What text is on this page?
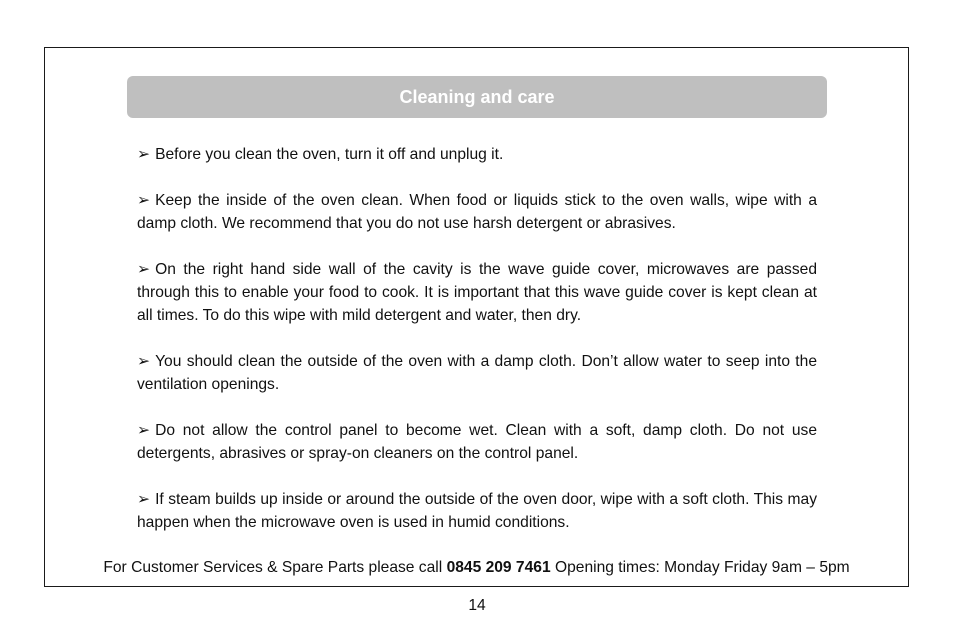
Cleaning and care

➢ Before you clean the oven, turn it off and unplug it.

➢ Keep the inside of the oven clean. When food or liquids stick to the oven walls, wipe with a damp cloth. We recommend that you do not use harsh detergent or abrasives.

➢ On the right hand side wall of the cavity is the wave guide cover, microwaves are passed through this to enable your food to cook. It is important that this wave guide cover is kept clean at all times. To do this wipe with mild detergent and water, then dry.

➢ You should clean the outside of the oven with a damp cloth. Don’t allow water to seep into the ventilation openings.

➢ Do not allow the control panel to become wet. Clean with a soft, damp cloth. Do not use detergents, abrasives or spray-on cleaners on the control panel.

➢ If steam builds up inside or around the outside of the oven door, wipe with a soft cloth. This may happen when the microwave oven is used in humid conditions.

For Customer Services & Spare Parts please call 0845 209 7461 Opening times: Monday Friday 9am – 5pm
14
